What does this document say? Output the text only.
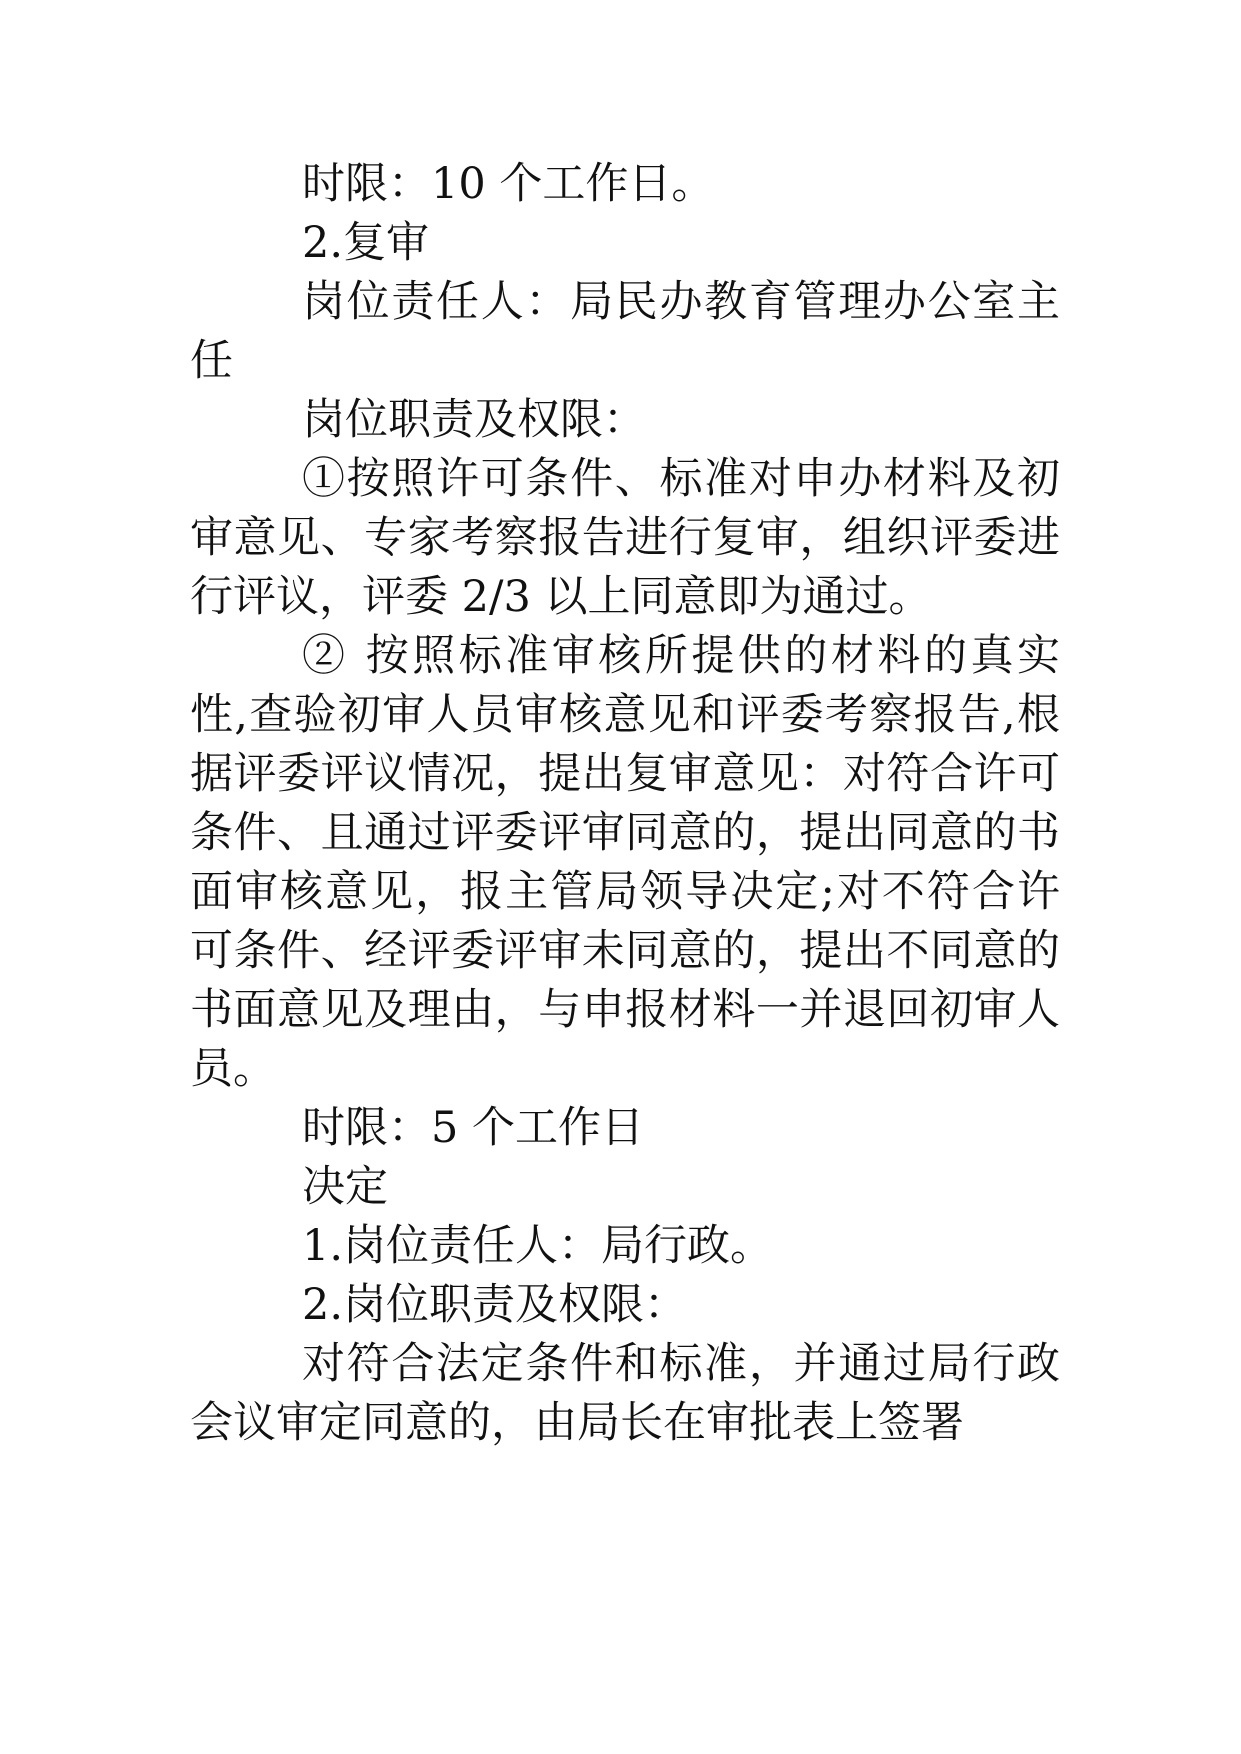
时限：10 个工作日。

2.复审

岗位责任人：局民办教育管理办公室主任

岗位职责及权限：

①按照许可条件、标准对申办材料及初审意见、专家考察报告进行复审，组织评委进行评议，评委 2/3 以上同意即为通过。

② 按照标准审核所提供的材料的真实性,查验初审人员审核意见和评委考察报告,根据评委评议情况，提出复审意见：对符合许可条件、且通过评委评审同意的，提出同意的书面审核意见，报主管局领导决定;对不符合许可条件、经评委评审未同意的，提出不同意的书面意见及理由，与申报材料一并退回初审人员。

时限：5 个工作日

决定

1.岗位责任人：局行政。

2.岗位职责及权限：

对符合法定条件和标准，并通过局行政会议审定同意的，由局长在审批表上签署
